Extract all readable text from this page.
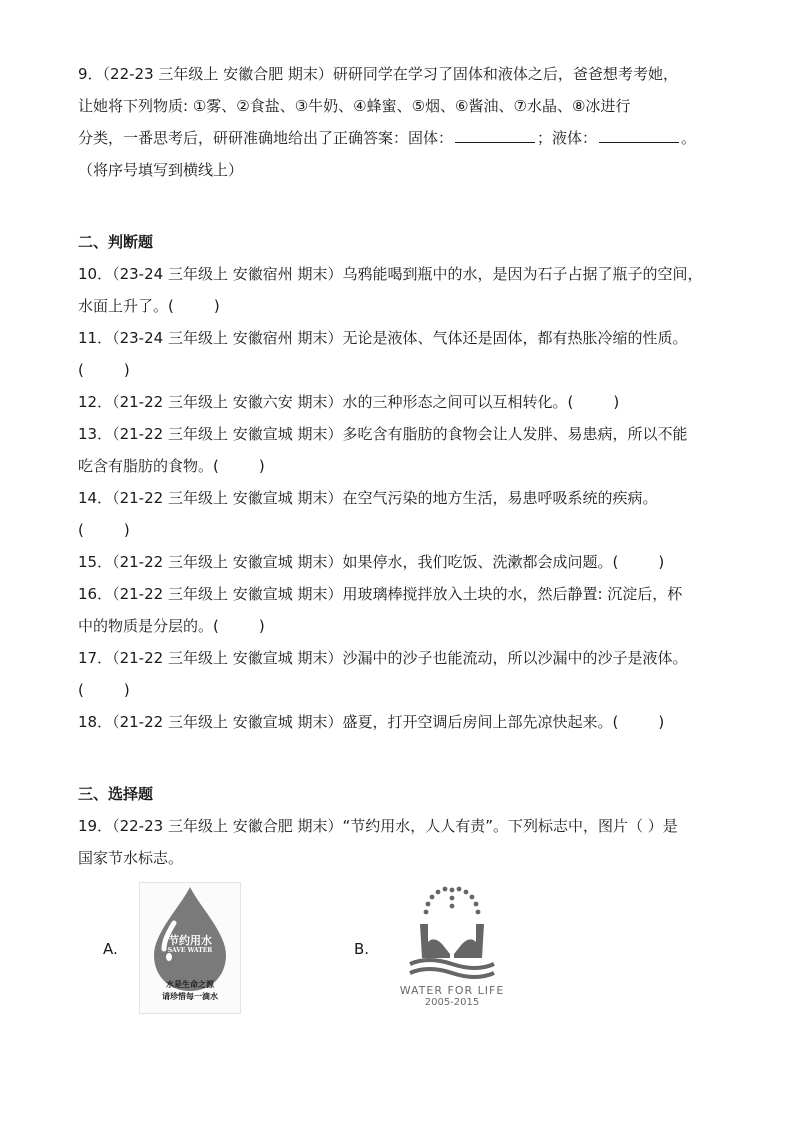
9．（22-23 三年级上 安徽合肥 期末）研研同学在学习了固体和液体之后，爸爸想考考她，
让她将下列物质: ①雾、②食盐、③牛奶、④蜂蜜、⑤烟、⑥酱油、⑦水晶、⑧冰进行
分类，一番思考后，研研准确地给出了正确答案：固体：	；液体：	。
（将序号填写到横线上）
二、判断题
10．（23-24 三年级上 安徽宿州 期末）乌鸦能喝到瓶中的水，是因为石子占据了瓶子的空间，
水面上升了。(	)
11．（23-24 三年级上 安徽宿州 期末）无论是液体、气体还是固体，都有热胀冷缩的性质。
(	)
12．（21-22 三年级上 安徽六安 期末）水的三种形态之间可以互相转化。(	)
13．（21-22 三年级上 安徽宣城 期末）多吃含有脂肪的食物会让人发胖、易患病，所以不能
吃含有脂肪的食物。(	)
14．（21-22 三年级上 安徽宣城 期末）在空气污染的地方生活，易患呼吸系统的疾病。
(	)
15．（21-22 三年级上 安徽宣城 期末）如果停水，我们吃饭、洗漱都会成问题。(	)
16．（21-22 三年级上 安徽宣城 期末）用玻璃棒搅拌放入土块的水，然后静置: 沉淀后，杯
中的物质是分层的。(	)
17．（21-22 三年级上 安徽宣城 期末）沙漏中的沙子也能流动，所以沙漏中的沙子是液体。
(	)
18．（21-22 三年级上 安徽宣城 期末）盛夏，打开空调后房间上部先凉快起来。(	)
三、选择题
19．（22-23 三年级上 安徽合肥 期末）“节约用水，人人有责”。下列标志中，图片（ ）是
国家节水标志。
A.	节约用水
SAVE WATER
水是生命之源
请珍惜每一滴水
B.
WATER FOR LIFE
2005-2015
